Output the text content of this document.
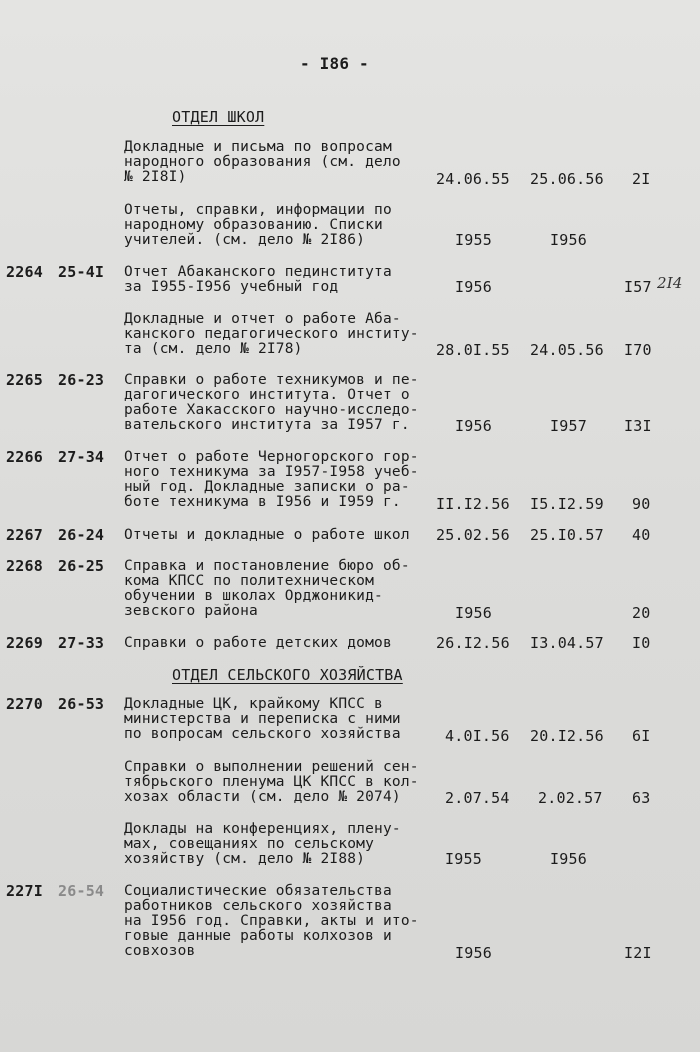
- I86 -
ОТДЕЛ ШКОЛ
Докладные и письма по вопросам
народного образования (см. дело
№ 2I8I)	24.06.55 25.06.56 2I
Отчеты, справки, информации по
народному образованию. Списки
учителей. (см. дело № 2I86)	I955	I956
2264 25-4I Отчет Абаканского пединститута
за I955-I956 учебный год	I956	I57 2I4
Докладные и отчет о работе Аба-
канского педагогического институ-
та (см. дело № 2I78)	28.0I.55 24.05.56 I70
2265 26-23 Справки о работе техникумов и пе-
дагогического института. Отчет о
работе Хакасского научно-исследо-
вательского института за I957 г.	I956	I957 I3I
2266 27-34 Отчет о работе Черногорского гор-
ного техникума за I957-I958 учеб-
ный год. Докладные записки о ра-
боте техникума в I956 и I959 г.	II.I2.56 I5.I2.59 90
2267 26-24 Отчеты и докладные о работе школ 25.02.56 25.I0.57 40
2268 26-25 Справка и постановление бюро об-
кома КПСС по политехническом
обучении в школах Орджоникид-
зевского района	I956	20
2269 27-33 Справки о работе детских домов	26.I2.56 I3.04.57 I0
ОТДЕЛ СЕЛЬСКОГО ХОЗЯЙСТВА
2270 26-53 Докладные ЦК, крайкому КПСС в
министерства и переписка с ними
по вопросам сельского хозяйства	4.0I.56 20.I2.56 6I
Справки о выполнении решений сен-
тябрьского пленума ЦК КПСС в кол-
хозах области (см. дело № 2074)	2.07.54 2.02.57 63
Доклады на конференциях, плену-
мах, совещаниях по сельскому
хозяйству (см. дело № 2I88)	I955	I956
227I 26-54 Социалистические обязательства
работников сельского хозяйства
на I956 год. Справки, акты и ито-
говые данные работы колхозов и
совхозов	I956	I2I
